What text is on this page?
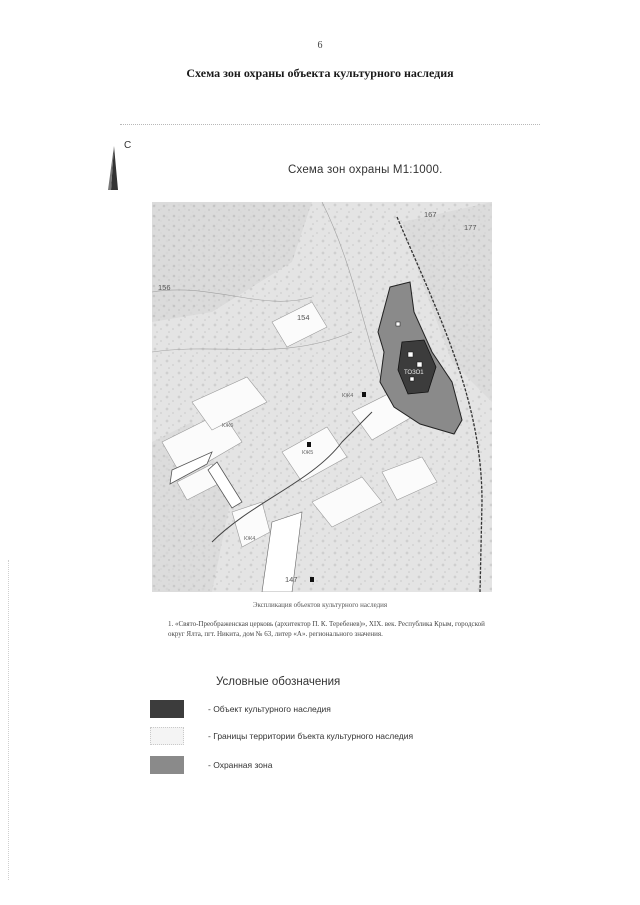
6
Схема зон охраны объекта культурного наследия
С
Схема зон охраны М1:1000.
ТОЗО1
167
177
156
154
147
КЖ4
КЖ5
КЖ6
КЖ4
Экспликация объектов культурного наследия
1. «Свято-Преображенская церковь (архитектор П. К. Теребенев)», XIX. век. Республика Крым, городской округ Ялта, пгт. Никита, дом № 63, литер «А». регионального значения.
Условные обозначения
- Объект культурного наследия
- Границы территории бъекта культурного наследия
- Охранная зона
